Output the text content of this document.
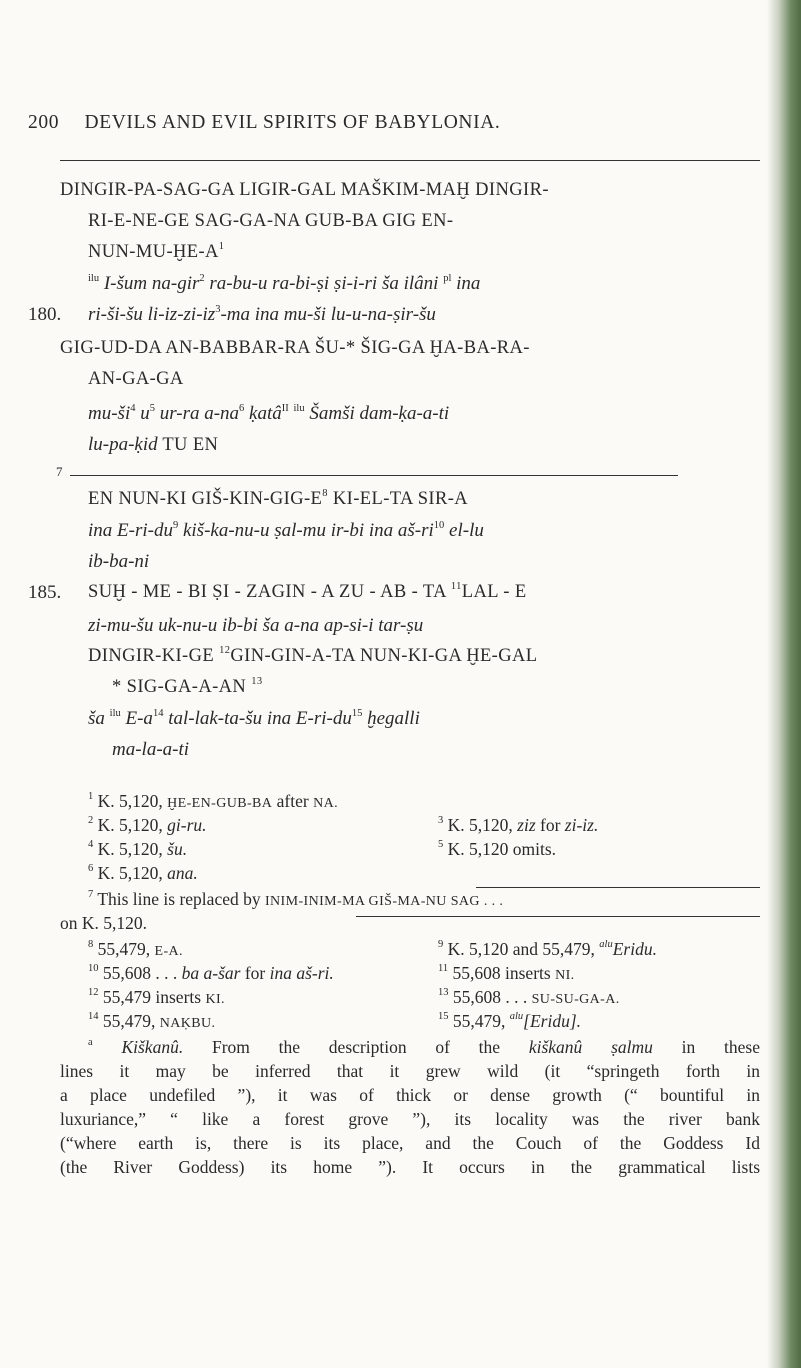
200 DEVILS AND EVIL SPIRITS OF BABYLONIA.
DINGIR-PA-SAG-GA LIGIR-GAL MAŠKIM-MAḪ DINGIR-
RI-E-NE-GE SAG-GA-NA GUB-BA GIG EN-
NUN-$MU-ḪE-A^1$
$^{ilu}$ I-šum na-gir$^2$ ra-bu-u ra-bi-ṣi ṣi-i-ri ša ilâni $^{pl}$ ina
180. ri-ši-šu $li-iz-zi-iz^3-ma$ ina mu-ši lu-u-na-ṣir-šu
GIG-UD-DA AN-BABBAR-RA ŠU-* ŠIG-GA ḪA-BA-RA-
AN-GA-GA
$mu-ši^4$ $u^5$ ur-ra $a-na^6$ ḳatâ$^{II}$ $^{ilu}$ Šamši dam-ḳa-a-ti
lu-pa-ḳid TU EN
7
EN NUN-KI GIŠ-$KIN-GIG-E^8$ KI-EL-TA SIR-A
ina $E-ri-du^9$ kiš-ka-nu-u ṣal-mu ir-bi ina $aš-ri^{10}$ el-lu
ib-ba-ni
185. SUḪ - ME - BI ṢI - ZAGIN - A ZU - AB - TA $^{11}$LAL - E
zi-mu-šu uk-nu-u ib-bi ša a-na ap-si-i tar-ṣu
DINGIR-KI-GE $^{12}$GIN-GIN-A-TA NUN-KI-GA ḪE-GAL
* SIG-GA-A-AN $^{13}$
ša $^{ilu}$ $E-a^{14}$ tal-lak-ta-šu ina $E-ri-du^{15}$ ḫegalli
ma-la-a-ti
$^1$ K. 5,120, ḪE-EN-GUB-BA after NA.
$^2$ K. 5,120, gi-ru.	$^3$ K. 5,120, ziz for zi-iz.
$^4$ K. 5,120, šu.	$^5$ K. 5,120 omits.
$^6$ K. 5,120, ana.
$^7$ This line is replaced by INIM-INIM-MA GIŠ-MA-NU SAG . . .
on K. 5,120.
$^8$ 55,479, E-A.	$^9$ K. 5,120 and 55,479, $^{alu}$Eridu.
$^{10}$ 55,608 . . . ba a-šar for ina aš-ri.	$^{11}$ 55,608 inserts NI.
$^{12}$ 55,479 inserts KI.	$^{13}$ 55,608 . . . SU-SU-GA-A.
$^{14}$ 55,479, NAḲBU.	$^{15}$ 55,479, $^{alu}$[Eridu].
$^a$ Kiškanû. From the description of the kiškanû ṣalmu in these
lines it may be inferred that it grew wild (it “springeth forth in
a place undefiled ”), it was of thick or dense growth (“ bountiful in
luxuriance,” “ like a forest grove ”), its locality was the river bank
(“where earth is, there is its place, and the Couch of the Goddess Id
(the River Goddess) its home ”). It occurs in the grammatical lists
